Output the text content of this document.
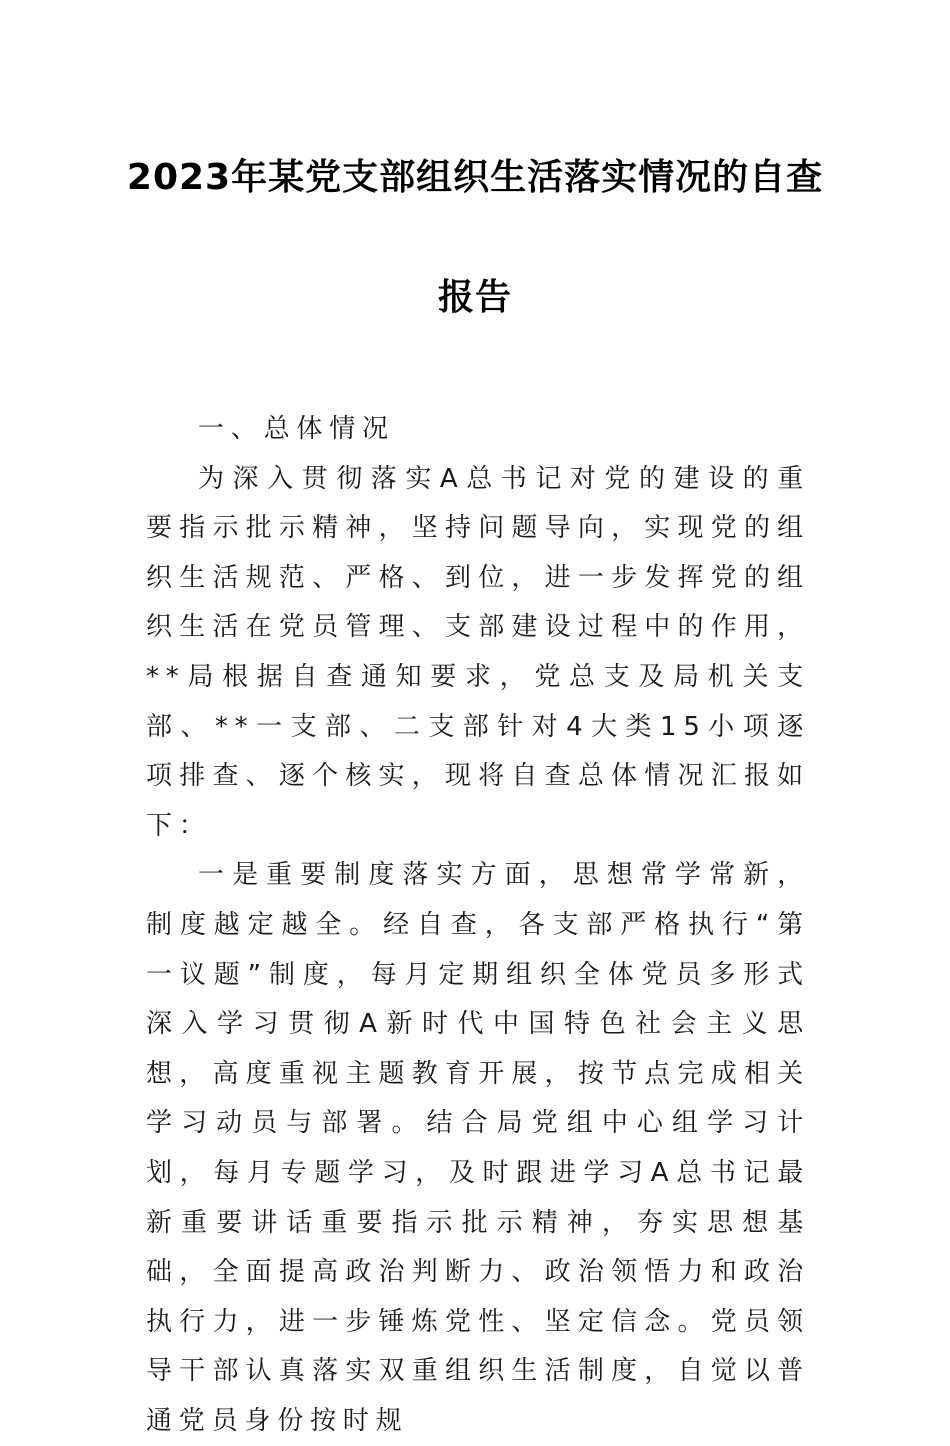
2023年某党支部组织生活落实情况的自查
报告

一、总体情况

为深入贯彻落实A总书记对党的建设的重要指示批示精神，坚持问题导向，实现党的组织生活规范、严格、到位，进一步发挥党的组织生活在党员管理、支部建设过程中的作用，**局根据自查通知要求，党总支及局机关支部、**一支部、二支部针对4大类15小项逐项排查、逐个核实，现将自查总体情况汇报如下：

一是重要制度落实方面，思想常学常新，制度越定越全。经自查，各支部严格执行“第一议题”制度，每月定期组织全体党员多形式深入学习贯彻A新时代中国特色社会主义思想，高度重视主题教育开展，按节点完成相关学习动员与部署。结合局党组中心组学习计划，每月专题学习，及时跟进学习A总书记最新重要讲话重要指示批示精神，夯实思想基础，全面提高政治判断力、政治领悟力和政治执行力，进一步锤炼党性、坚定信念。党员领导干部认真落实双重组织生活制度，自觉以普通党员身份按时规
